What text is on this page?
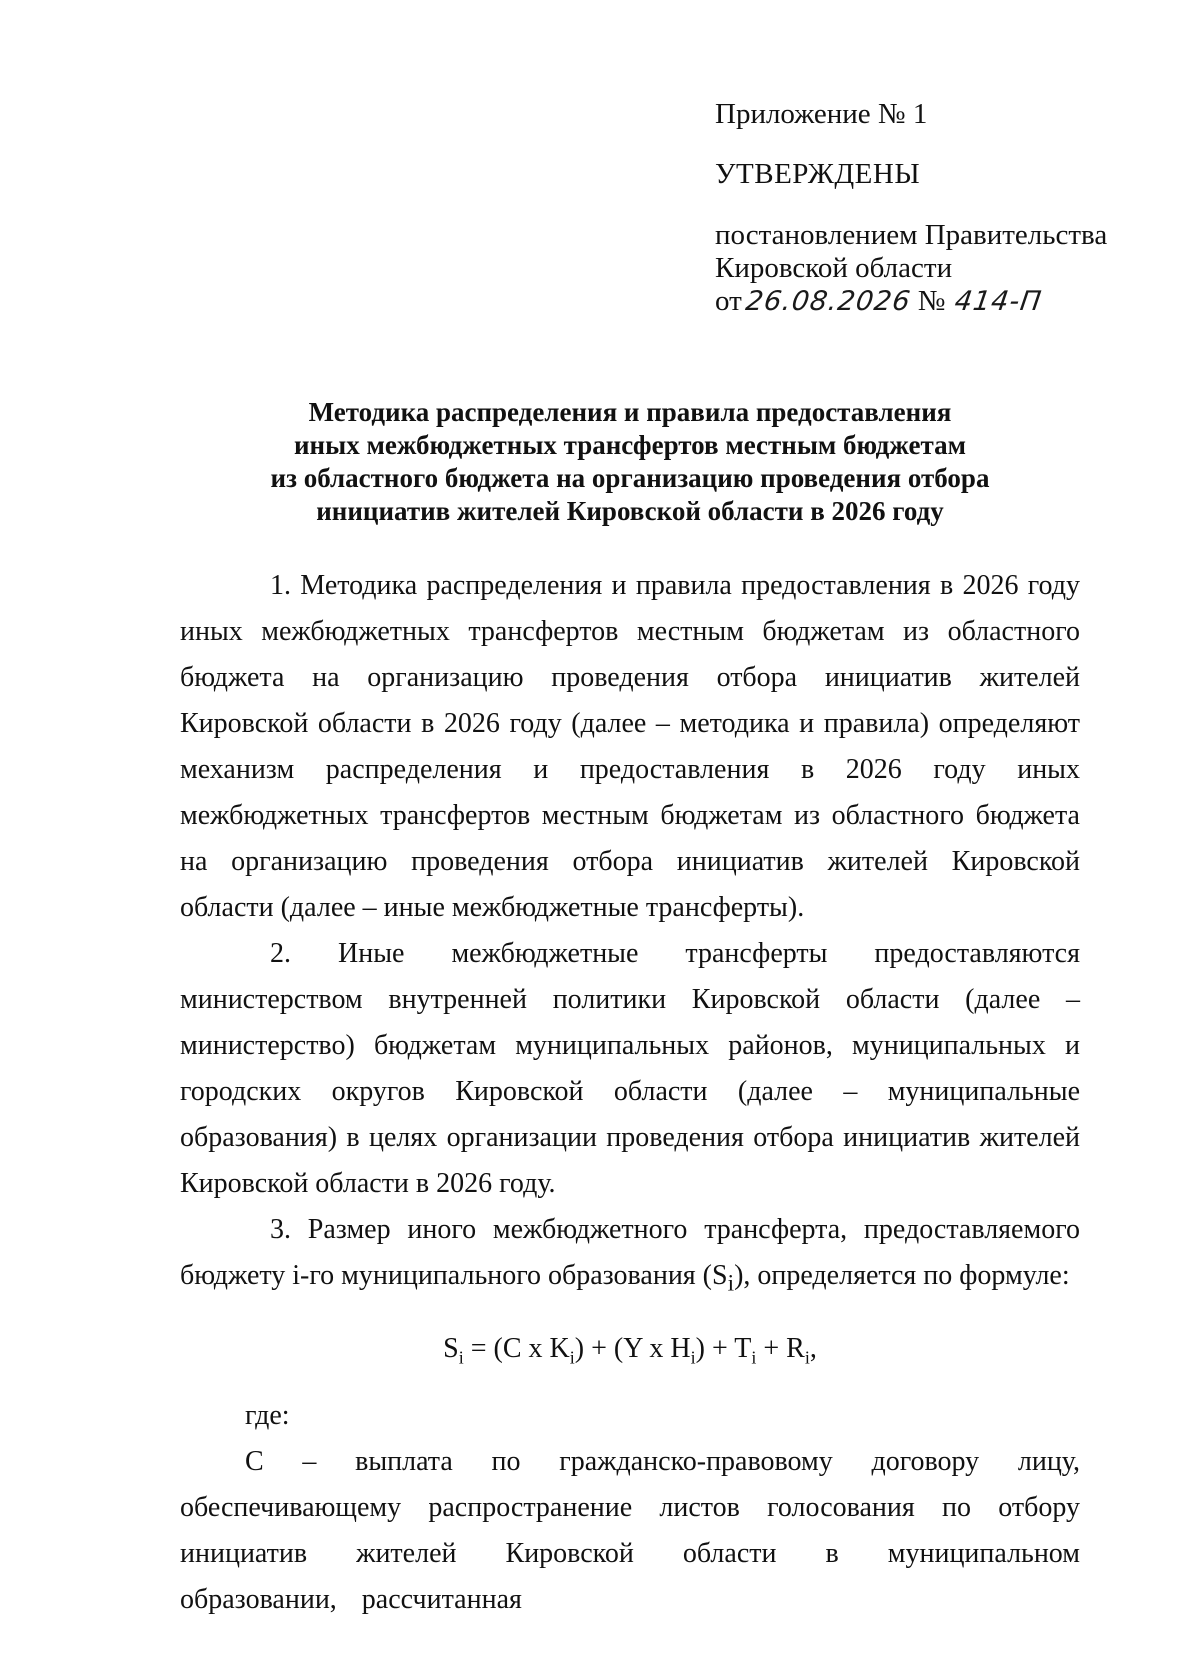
Приложение № 1
УТВЕРЖДЕНЫ
постановлением Правительства
Кировской области
от26.08.2026 № 414-П
Методика распределения и правила предоставления
иных межбюджетных трансфертов местным бюджетам
из областного бюджета на организацию проведения отбора
инициатив жителей Кировской области в 2026 году

1. Методика распределения и правила предоставления в 2026 году иных межбюджетных трансфертов местным бюджетам из областного бюджета на организацию проведения отбора инициатив жителей Кировской области в 2026 году (далее – методика и правила) определяют механизм распределения и предоставления в 2026 году иных межбюджетных трансфертов местным бюджетам из областного бюджета на организацию проведения отбора инициатив жителей Кировской области (далее – иные межбюджетные трансферты).

2. Иные межбюджетные трансферты предоставляются министерством внутренней политики Кировской области (далее – министерство) бюджетам муниципальных районов, муниципальных и городских округов Кировской области (далее – муниципальные образования) в целях организации проведения отбора инициатив жителей Кировской области в 2026 году.

3. Размер иного межбюджетного трансферта, предоставляемого бюджету i-го муниципального образования $(S_i)$, определяется по формуле:

$S_i = (C$ x $K_i) + (Y$ x $H_i) + T_i + R_i$,

где:

С – выплата по гражданско-правовому договору лицу, обеспечивающему распространение листов голосования по отбору инициатив жителей Кировской области в муниципальном образовании, рассчитанная
